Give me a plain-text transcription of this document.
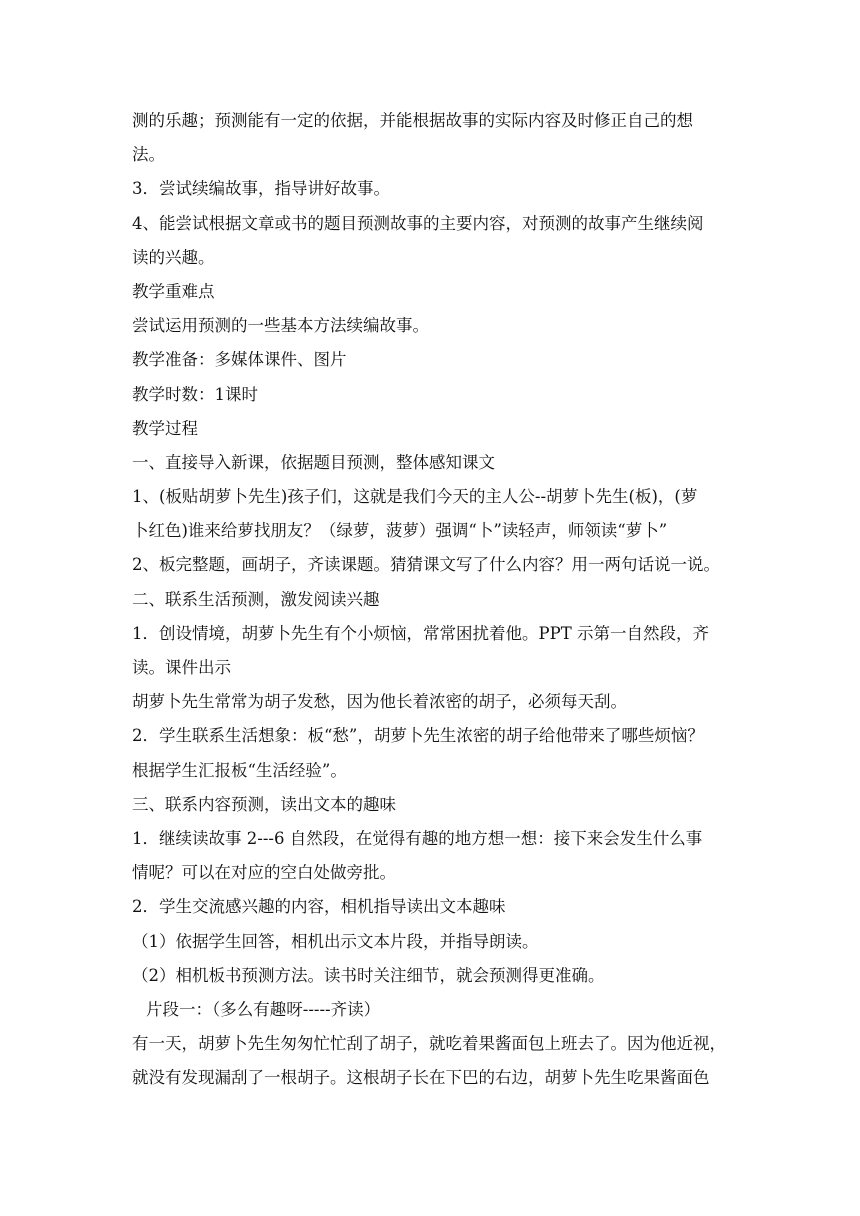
测的乐趣；预测能有一定的依据，并能根据故事的实际内容及时修正自己的想
法。
3．尝试续编故事，指导讲好故事。
4、能尝试根据文章或书的题目预测故事的主要内容，对预测的故事产生继续阅
读的兴趣。
教学重难点
尝试运用预测的一些基本方法续编故事。
教学准备：多媒体课件、图片
教学时数：1课时
教学过程
一、直接导入新课，依据题目预测，整体感知课文
1、(板贴胡萝卜先生)孩子们，这就是我们今天的主人公--胡萝卜先生(板)，(萝
卜红色)谁来给萝找朋友？（绿萝，菠萝）强调“卜”读轻声，师领读“萝卜”
2、板完整题，画胡子，齐读课题。猜猜课文写了什么内容？用一两句话说一说。
二、联系生活预测，激发阅读兴趣
1．创设情境，胡萝卜先生有个小烦恼，常常困扰着他。PPT 示第一自然段，齐
读。课件出示
胡萝卜先生常常为胡子发愁，因为他长着浓密的胡子，必须每天刮。
2．学生联系生活想象：板“愁”，胡萝卜先生浓密的胡子给他带来了哪些烦恼？
根据学生汇报板“生活经验”。
三、联系内容预测，读出文本的趣味
1．继续读故事 2---6 自然段，在觉得有趣的地方想一想：接下来会发生什么事
情呢？可以在对应的空白处做旁批。
2．学生交流感兴趣的内容，相机指导读出文本趣味
（1）依据学生回答，相机出示文本片段，并指导朗读。
（2）相机板书预测方法。读书时关注细节，就会预测得更准确。
片段一：（多么有趣呀-----齐读）
有一天，胡萝卜先生匆匆忙忙刮了胡子，就吃着果酱面包上班去了。因为他近视，
就没有发现漏刮了一根胡子。这根胡子长在下巴的右边，胡萝卜先生吃果酱面色
